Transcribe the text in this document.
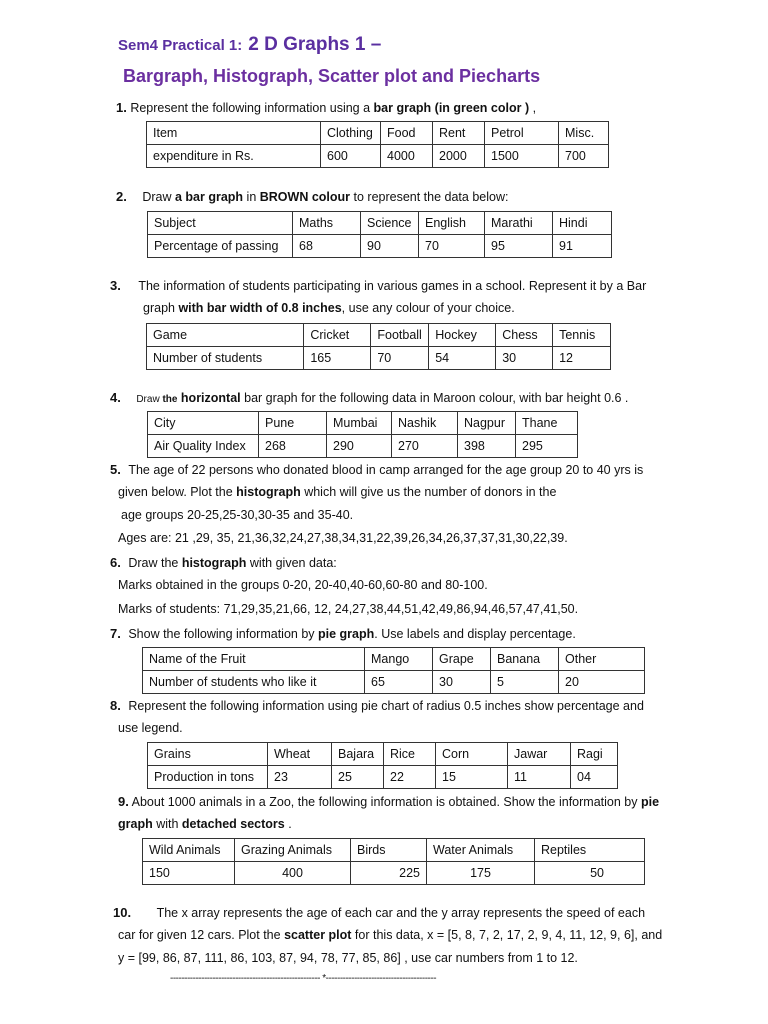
Sem4 Practical 1: 2 D Graphs 1 –
Bargraph, Histograph, Scatter plot and Piecharts
1. Represent the following information using a bar graph (in green color ) ,
Item	Clothing	Food	Rent	Petrol	Misc.
expenditure in Rs.	600	4000	2000	1500	700
2. Draw a bar graph in BROWN colour to represent the data below:
Subject	Maths	Science	English	Marathi	Hindi
Percentage of passing	68	90	70	95	91
3. The information of students participating in various games in a school. Represent it by a Bar
graph with bar width of 0.8 inches, use any colour of your choice.
Game	Cricket	Football	Hockey	Chess	Tennis
Number of students	165	70	54	30	12
4. Draw the horizontal bar graph for the following data in Maroon colour, with bar height 0.6 .
City	Pune	Mumbai	Nashik	Nagpur	Thane
Air Quality Index	268	290	270	398	295
5. The age of 22 persons who donated blood in camp arranged for the age group 20 to 40 yrs is
given below. Plot the histograph which will give us the number of donors in the
age groups 20-25,25-30,30-35 and 35-40.
Ages are: 21 ,29, 35, 21,36,32,24,27,38,34,31,22,39,26,34,26,37,37,31,30,22,39.
6. Draw the histograph with given data:
Marks obtained in the groups 0-20, 20-40,40-60,60-80 and 80-100.
Marks of students: 71,29,35,21,66, 12, 24,27,38,44,51,42,49,86,94,46,57,47,41,50.
7. Show the following information by pie graph. Use labels and display percentage.
Name of the Fruit	Mango	Grape	Banana	Other
Number of students who like it	65	30	5	20
8. Represent the following information using pie chart of radius 0.5 inches show percentage and
use legend.
Grains	Wheat	Bajara	Rice	Corn	Jawar	Ragi
Production in tons	23	25	22	15	11	04
9. About 1000 animals in a Zoo, the following information is obtained. Show the information by pie
graph with detached sectors .
Wild Animals	Grazing Animals	Birds	Water Animals	Reptiles
150	400	225	175	50
10. The x array represents the age of each car and the y array represents the speed of each
car for given 12 cars. Plot the scatter plot for this data, x = [5, 8, 7, 2, 17, 2, 9, 4, 11, 12, 9, 6], and
y = [99, 86, 87, 111, 86, 103, 87, 94, 78, 77, 85, 86] , use car numbers from 1 to 12.
----------------------------------------------------- *---------------------------------------
